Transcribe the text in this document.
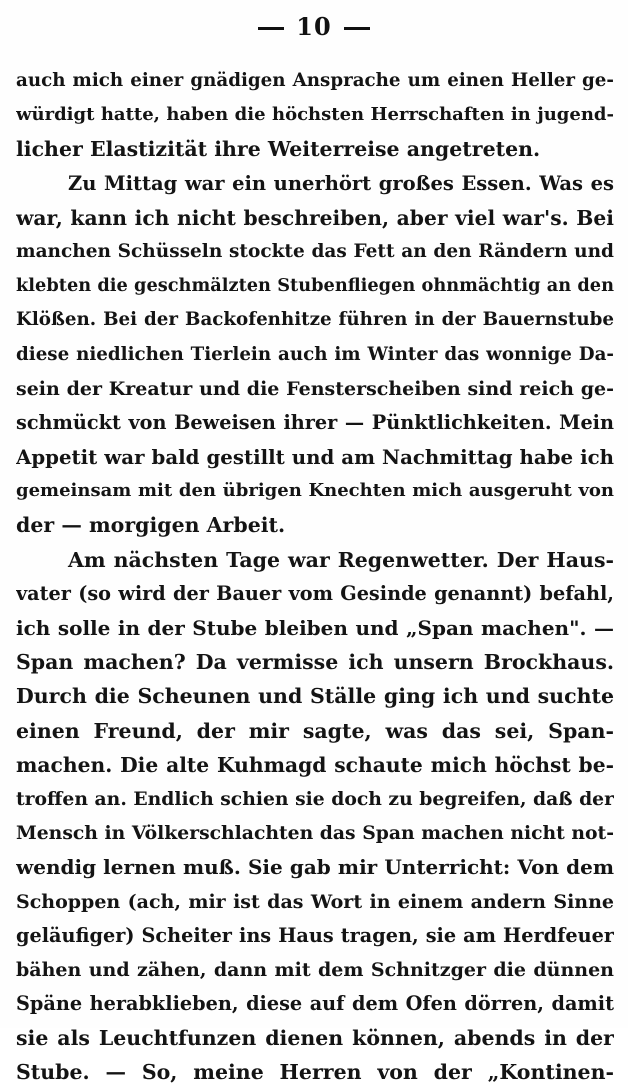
10
auch mich einer gnädigen Ansprache um einen Heller ge-
würdigt hatte, haben die höchsten Herrschaften in jugend-
licher Elastizität ihre Weiterreise angetreten.
Zu Mittag war ein unerhört großes Essen. Was es
war, kann ich nicht beschreiben, aber viel war's. Bei
manchen Schüsseln stockte das Fett an den Rändern und
klebten die geschmälzten Stubenfliegen ohnmächtig an den
Klößen. Bei der Backofenhitze führen in der Bauernstube
diese niedlichen Tierlein auch im Winter das wonnige Da-
sein der Kreatur und die Fensterscheiben sind reich ge-
schmückt von Beweisen ihrer — Pünktlichkeiten. Mein
Appetit war bald gestillt und am Nachmittag habe ich
gemeinsam mit den übrigen Knechten mich ausgeruht von
der — morgigen Arbeit.
Am nächsten Tage war Regenwetter. Der Haus-
vater (so wird der Bauer vom Gesinde genannt) befahl,
ich solle in der Stube bleiben und „Span machen". —
Span machen? Da vermisse ich unsern Brockhaus.
Durch die Scheunen und Ställe ging ich und suchte
einen Freund, der mir sagte, was das sei, Span-
machen. Die alte Kuhmagd schaute mich höchst be-
troffen an. Endlich schien sie doch zu begreifen, daß der
Mensch in Völkerschlachten das Span machen nicht not-
wendig lernen muß. Sie gab mir Unterricht: Von dem
Schoppen (ach, mir ist das Wort in einem andern Sinne
geläufiger) Scheiter ins Haus tragen, sie am Herdfeuer
bähen und zähen, dann mit dem Schnitzger die dünnen
Späne herabklieben, diese auf dem Ofen dörren, damit
sie als Leuchtfunzen dienen können, abends in der
Stube. — So, meine Herren von der „Kontinen-
